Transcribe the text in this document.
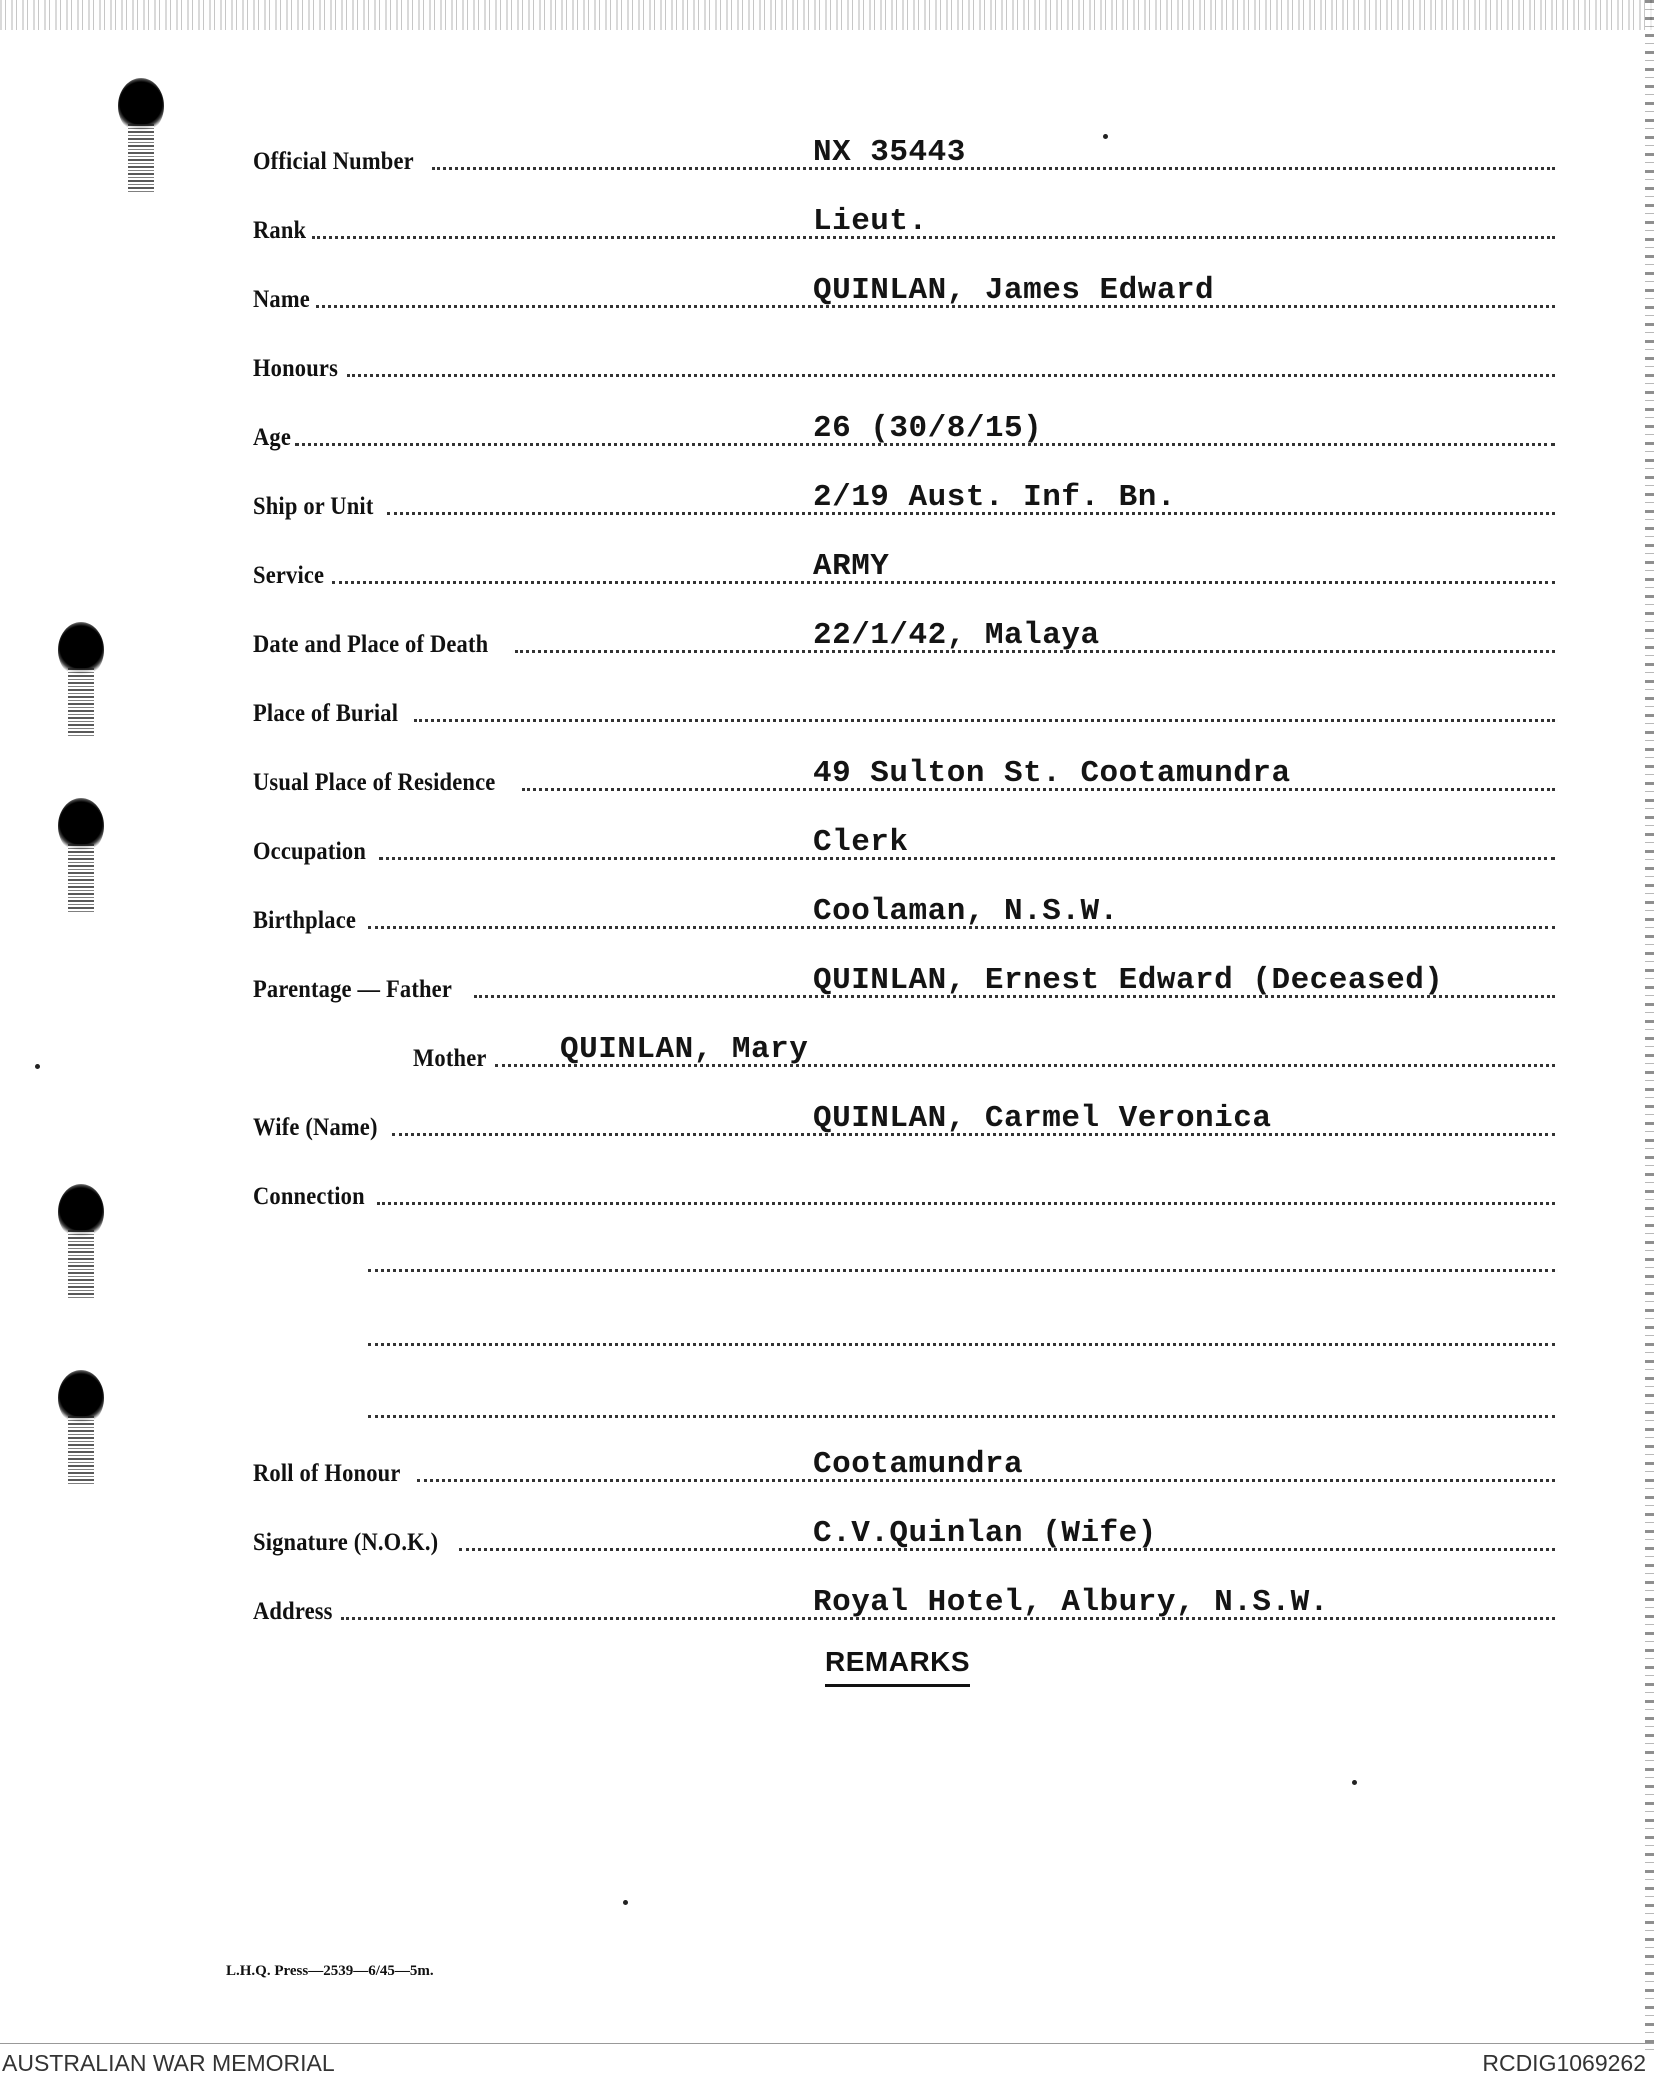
Official Number	NX 35443
Rank	Lieut.
Name	QUINLAN, James Edward
Honours
Age	26 (30/8/15)
Ship or Unit	2/19 Aust. Inf. Bn.
Service	ARMY
Date and Place of Death	22/1/42, Malaya
Place of Burial
Usual Place of Residence	49 Sulton St. Cootamundra
Occupation	Clerk
Birthplace	Coolaman, N.S.W.
Parentage — Father	QUINLAN, Ernest Edward (Deceased)
Mother QUINLAN, Mary
Wife (Name)	QUINLAN, Carmel Veronica
Connection
Roll of Honour	Cootamundra
Signature (N.O.K.)	C.V.Quinlan (Wife)
Address	Royal Hotel, Albury, N.S.W.
REMARKS
L.H.Q. Press—2539—6/45—5m.
AUSTRALIAN WAR MEMORIAL	RCDIG1069262
